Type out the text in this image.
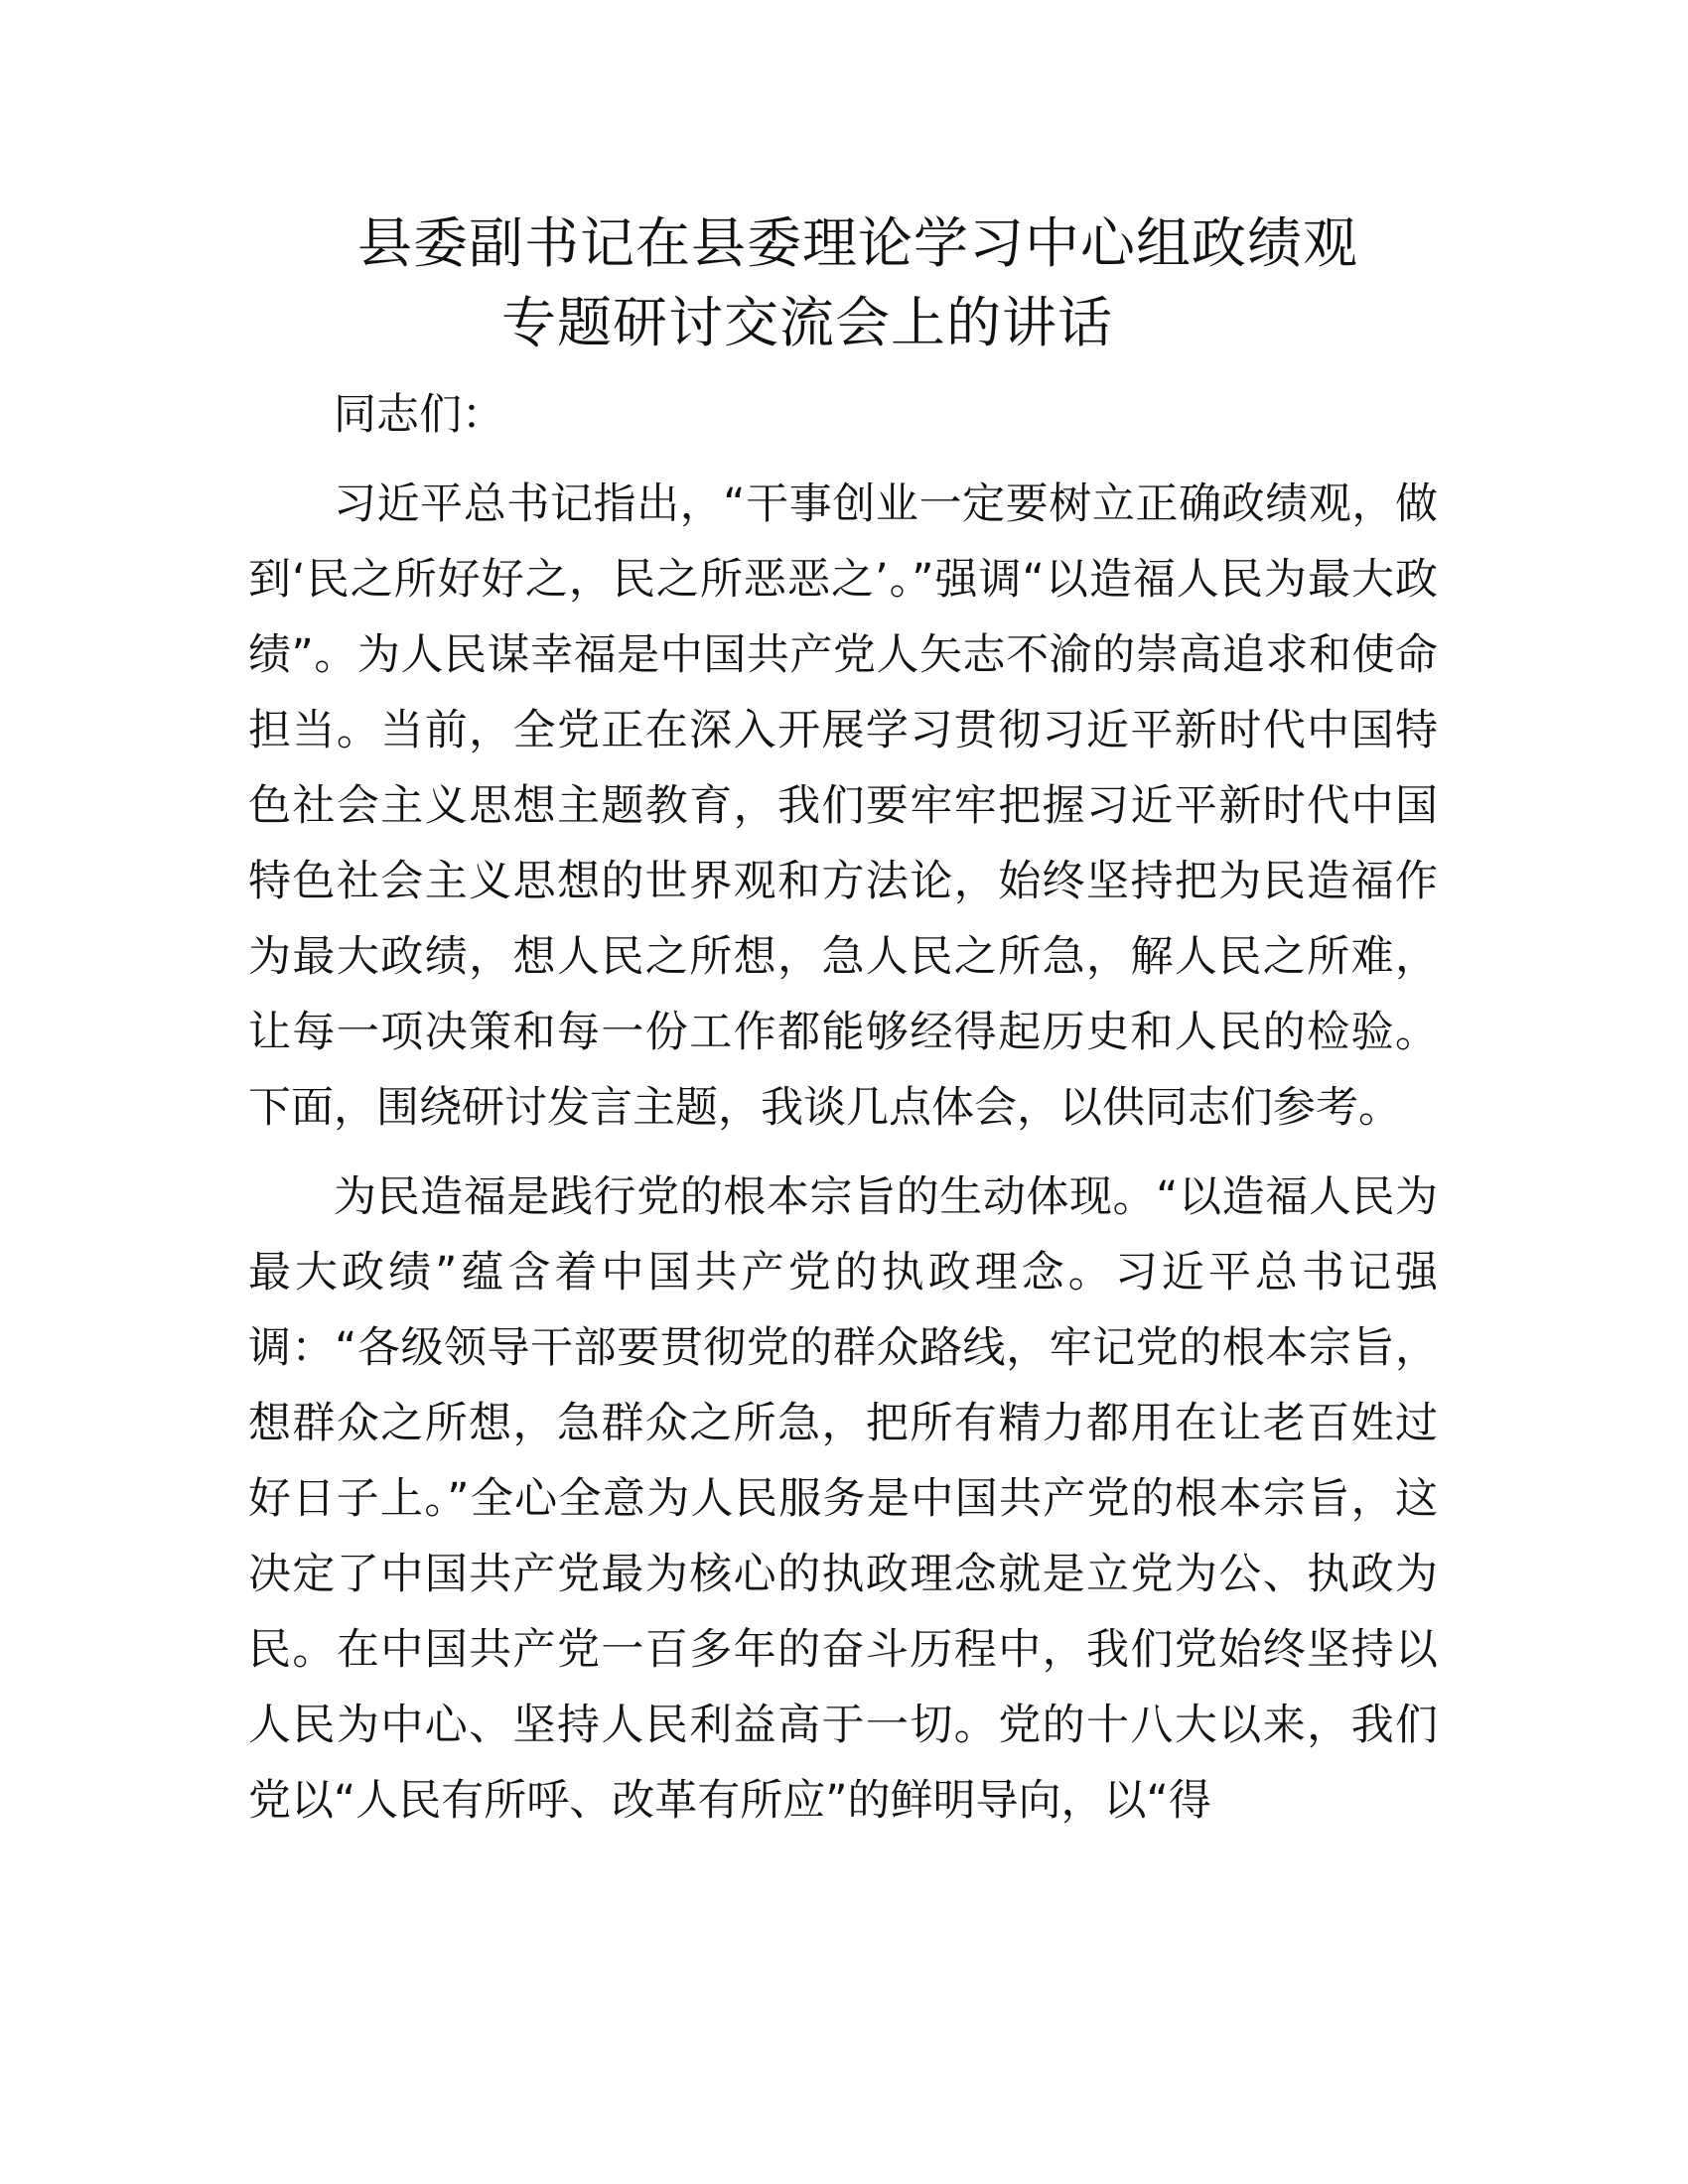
县委副书记在县委理论学习中心组政绩观
专题研讨交流会上的讲话

同志们：

习近平总书记指出，“干事创业一定要树立正确政绩观，做到‘民之所好好之，民之所恶恶之’。”强调“以造福人民为最大政绩”。为人民谋幸福是中国共产党人矢志不渝的崇高追求和使命担当。当前，全党正在深入开展学习贯彻习近平新时代中国特色社会主义思想主题教育，我们要牢牢把握习近平新时代中国特色社会主义思想的世界观和方法论，始终坚持把为民造福作为最大政绩，想人民之所想，急人民之所急，解人民之所难，让每一项决策和每一份工作都能够经得起历史和人民的检验。下面，围绕研讨发言主题，我谈几点体会，以供同志们参考。

为民造福是践行党的根本宗旨的生动体现。“以造福人民为最大政绩”蕴含着中国共产党的执政理念。习近平总书记强调：“各级领导干部要贯彻党的群众路线，牢记党的根本宗旨，想群众之所想，急群众之所急，把所有精力都用在让老百姓过好日子上。”全心全意为人民服务是中国共产党的根本宗旨，这决定了中国共产党最为核心的执政理念就是立党为公、执政为民。在中国共产党一百多年的奋斗历程中，我们党始终坚持以人民为中心、坚持人民利益高于一切。党的十八大以来，我们党以“人民有所呼、改革有所应”的鲜明导向，以“得
